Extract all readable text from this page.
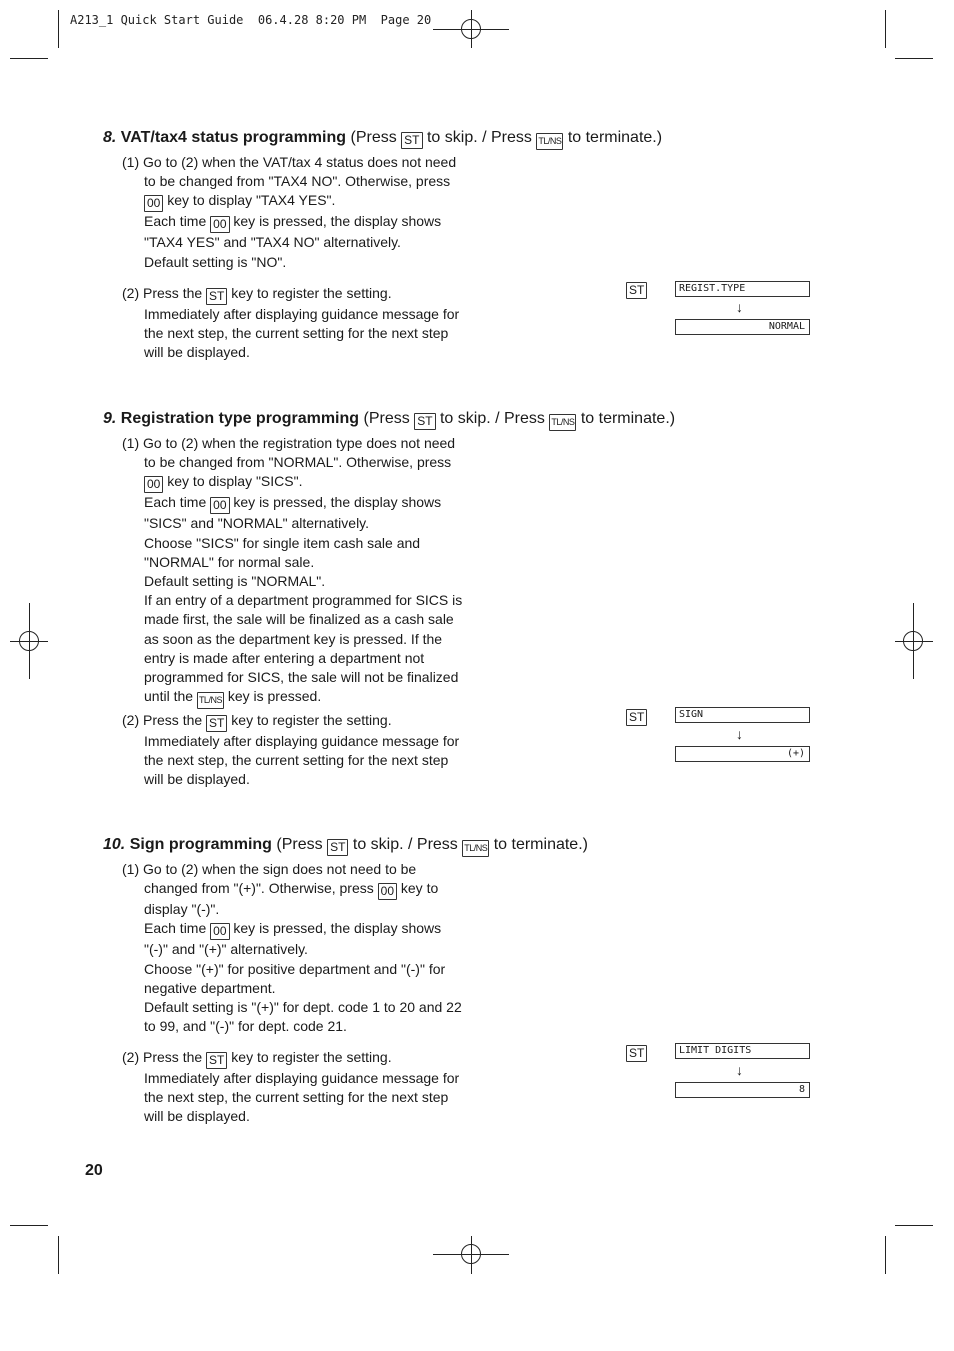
A213_1 Quick Start Guide  06.4.28 8:20 PM  Page 20
8. VAT/tax4 status programming (Press ST to skip. / Press TL/NS to terminate.)
(1) Go to (2) when the VAT/tax 4 status does not need
to be changed from "TAX4 NO". Otherwise, press
00 key to display "TAX4 YES".
Each time 00 key is pressed, the display shows
"TAX4 YES" and "TAX4 NO" alternatively.
Default setting is "NO".
(2) Press the ST key to register the setting.
Immediately after displaying guidance message for
the next step, the current setting for the next step
will be displayed.
ST	REGIST.TYPE
↓
NORMAL
9. Registration type programming (Press ST to skip. / Press TL/NS to terminate.)
(1) Go to (2) when the registration type does not need
to be changed from "NORMAL". Otherwise, press
00 key to display "SICS".
Each time 00 key is pressed, the display shows
"SICS" and "NORMAL" alternatively.
Choose "SICS" for single item cash sale and
"NORMAL" for normal sale.
Default setting is "NORMAL".
If an entry of a department programmed for SICS is
made first, the sale will be finalized as a cash sale
as soon as the department key is pressed. If the
entry is made after entering a department not
programmed for SICS, the sale will not be finalized
until the TL/NS key is pressed.
(2) Press the ST key to register the setting.
Immediately after displaying guidance message for
the next step, the current setting for the next step
will be displayed.
ST	SIGN
↓
(+)
10. Sign programming (Press ST to skip. / Press TL/NS to terminate.)
(1) Go to (2) when the sign does not need to be
changed from "(+)". Otherwise, press 00 key to
display "(-)".
Each time 00 key is pressed, the display shows
"(-)" and "(+)" alternatively.
Choose "(+)" for positive department and "(-)" for
negative department.
Default setting is "(+)" for dept. code 1 to 20 and 22
to 99, and "(-)" for dept. code 21.
(2) Press the ST key to register the setting.
Immediately after displaying guidance message for
the next step, the current setting for the next step
will be displayed.
ST	LIMIT DIGITS
↓
8
20
